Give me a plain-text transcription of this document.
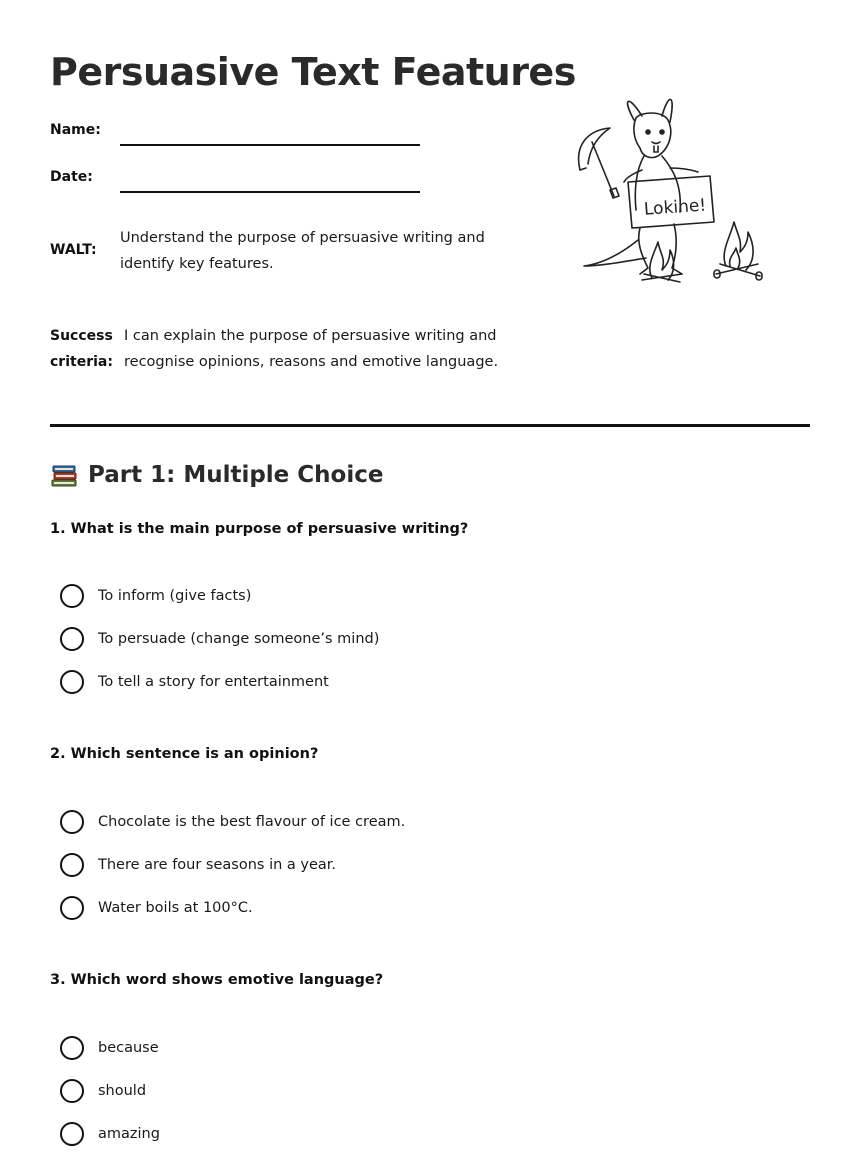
Persuasive Text Features
Name:
Date:
WALT:
Understand the purpose of persuasive writing and
identify key features.
Success
criteria:
I can explain the purpose of persuasive writing and
recognise opinions, reasons and emotive language.
Lokine!
Part 1: Multiple Choice
1. What is the main purpose of persuasive writing?
To inform (give facts)
To persuade (change someone’s mind)
To tell a story for entertainment
2. Which sentence is an opinion?
Chocolate is the best flavour of ice cream.
There are four seasons in a year.
Water boils at 100°C.
3. Which word shows emotive language?
because
should
amazing
